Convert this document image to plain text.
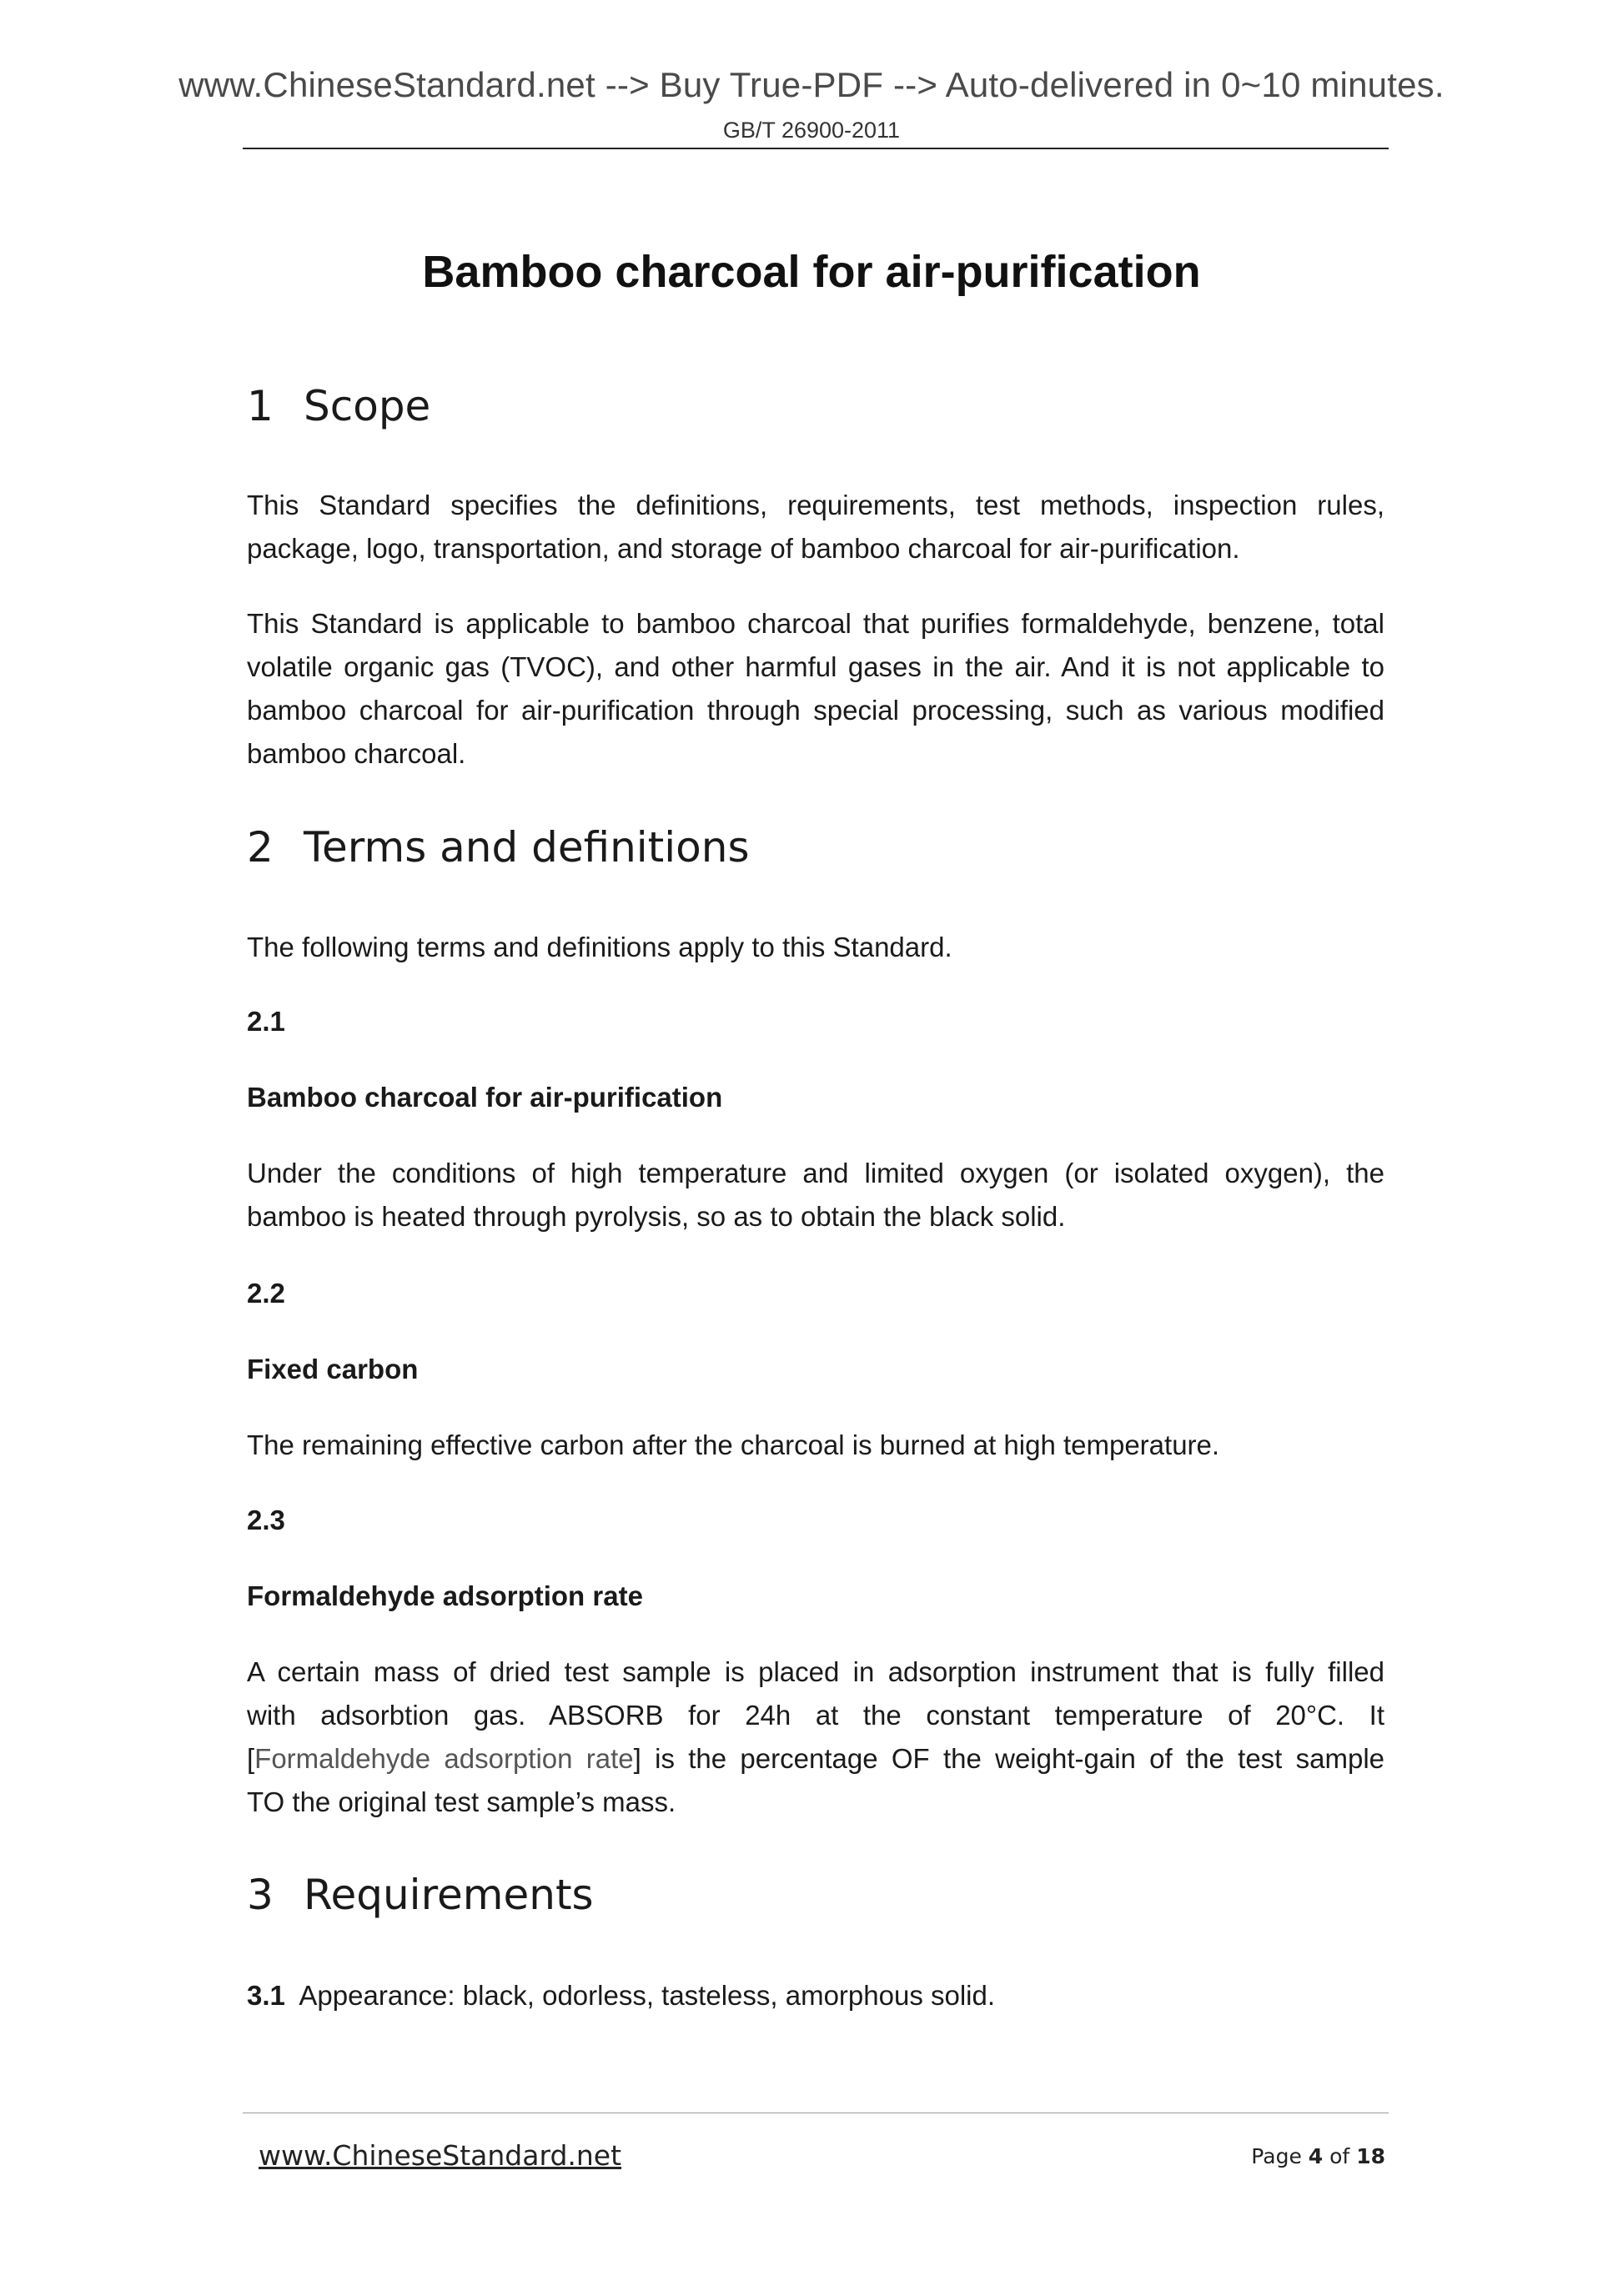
www.ChineseStandard.net --> Buy True-PDF --> Auto-delivered in 0~10 minutes.
GB/T 26900-2011
Bamboo charcoal for air-purification
1 Scope

This Standard specifies the definitions, requirements, test methods, inspection rules,
package, logo, transportation, and storage of bamboo charcoal for air-purification.

This Standard is applicable to bamboo charcoal that purifies formaldehyde, benzene, total
volatile organic gas (TVOC), and other harmful gases in the air. And it is not applicable to
bamboo charcoal for air-purification through special processing, such as various modified
bamboo charcoal.

2 Terms and definitions

The following terms and definitions apply to this Standard.

2.1
Bamboo charcoal for air-purification

Under the conditions of high temperature and limited oxygen (or isolated oxygen), the
bamboo is heated through pyrolysis, so as to obtain the black solid.

2.2
Fixed carbon

The remaining effective carbon after the charcoal is burned at high temperature.

2.3
Formaldehyde adsorption rate

A certain mass of dried test sample is placed in adsorption instrument that is fully filled
with adsorbtion gas. ABSORB for 24h at the constant temperature of 20°C. It
[Formaldehyde adsorption rate] is the percentage OF the weight-gain of the test sample
TO the original test sample’s mass.

3 Requirements
3.1 Appearance: black, odorless, tasteless, amorphous solid.
www.ChineseStandard.net	Page 4 of 18
